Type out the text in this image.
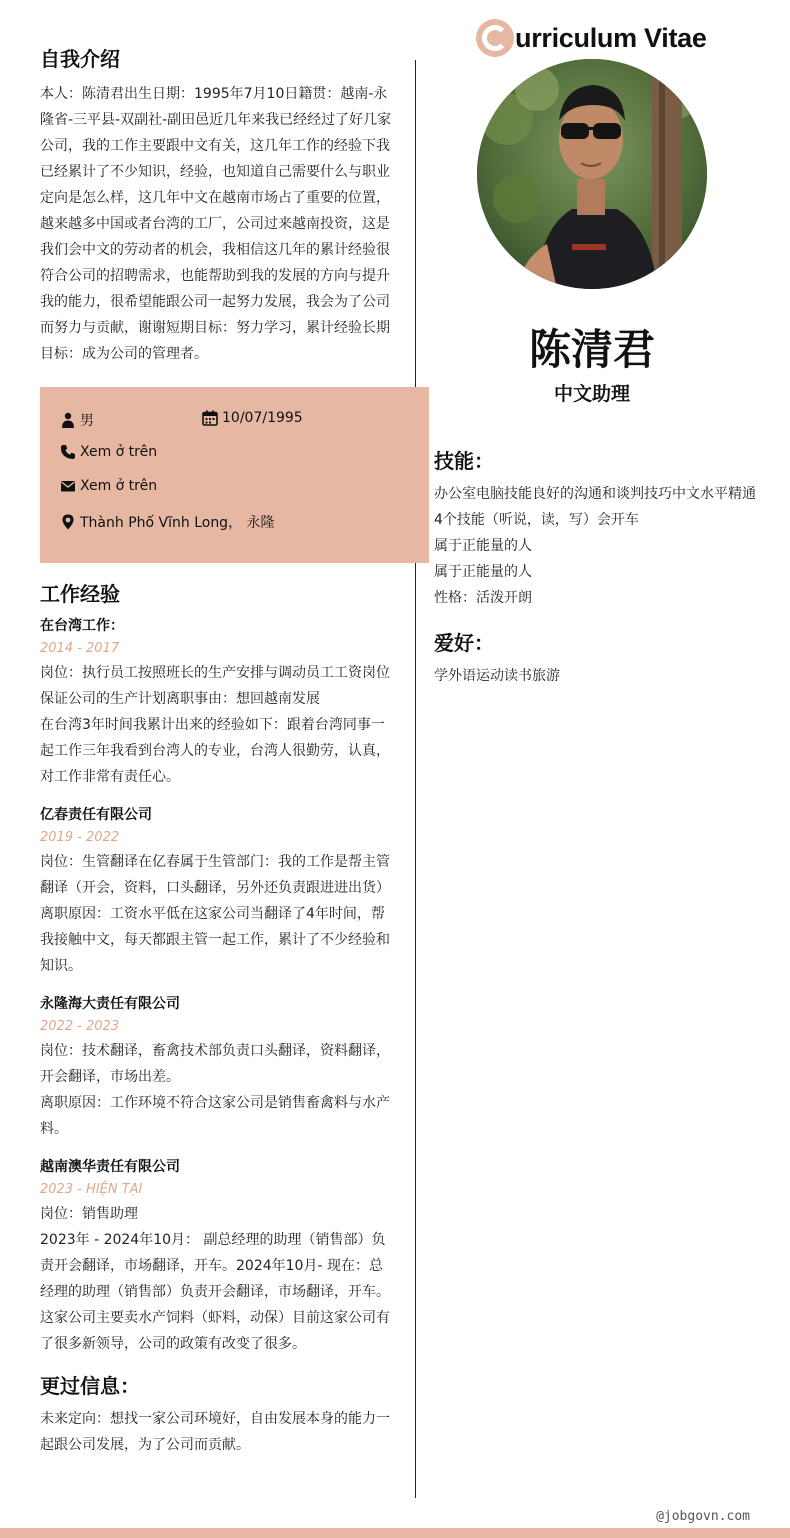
urriculum Vitae
自我介绍
本人：陈清君出生日期：1995年7月10日籍贯：越南-永隆省-三平县-双副社-副田邑近几年来我已经经过了好几家公司，我的工作主要跟中文有关，这几年工作的经验下我已经累计了不少知识，经验，也知道自己需要什么与职业定向是怎么样，这几年中文在越南市场占了重要的位置，越来越多中国或者台湾的工厂，公司过来越南投资，这是我们会中文的劳动者的机会，我相信这几年的累计经验很符合公司的招聘需求，也能帮助到我的发展的方向与提升我的能力，很希望能跟公司一起努力发展，我会为了公司而努力与贡献，谢谢短期目标：努力学习，累计经验长期目标：成为公司的管理者。
男	10/07/1995
Xem ở trên
Xem ở trên
Thành Phố Vĩnh Long， 永隆
工作经验
在台湾工作：
2014 - 2017
岗位：执行员工按照班长的生产安排与调动员工工资岗位保证公司的生产计划离职事由：想回越南发展
在台湾3年时间我累计出来的经验如下：跟着台湾同事一起工作三年我看到台湾人的专业，台湾人很勤劳，认真，对工作非常有责任心。
亿春责任有限公司
2019 - 2022
岗位：生管翻译在亿春属于生管部门：我的工作是帮主管翻译（开会，资料，口头翻译，另外还负责跟进进出货）
离职原因：工资水平低在这家公司当翻译了4年时间，帮我接触中文，每天都跟主管一起工作，累计了不少经验和知识。
永隆海大责任有限公司
2022 - 2023
岗位：技术翻译，畜禽技术部负责口头翻译，资料翻译，开会翻译，市场出差。
离职原因：工作环境不符合这家公司是销售畜禽料与水产料。
越南澳华责任有限公司
2023 - HIỆN TẠI
岗位：销售助理
2023年 - 2024年10月： 副总经理的助理（销售部）负责开会翻译，市场翻译，开车。2024年10月- 现在：总经理的助理（销售部）负责开会翻译，市场翻译，开车。这家公司主要卖水产饲料（虾料，动保）目前这家公司有了很多新领导，公司的政策有改变了很多。
更过信息：
未来定向：想找一家公司环境好，自由发展本身的能力一起跟公司发展，为了公司而贡献。
陈清君
中文助理
技能：
办公室电脑技能良好的沟通和谈判技巧中文水平精通4个技能（听说，读，写）会开车
属于正能量的人
属于正能量的人
性格：活泼开朗
爱好：
学外语运动读书旅游
@jobgovn.com
